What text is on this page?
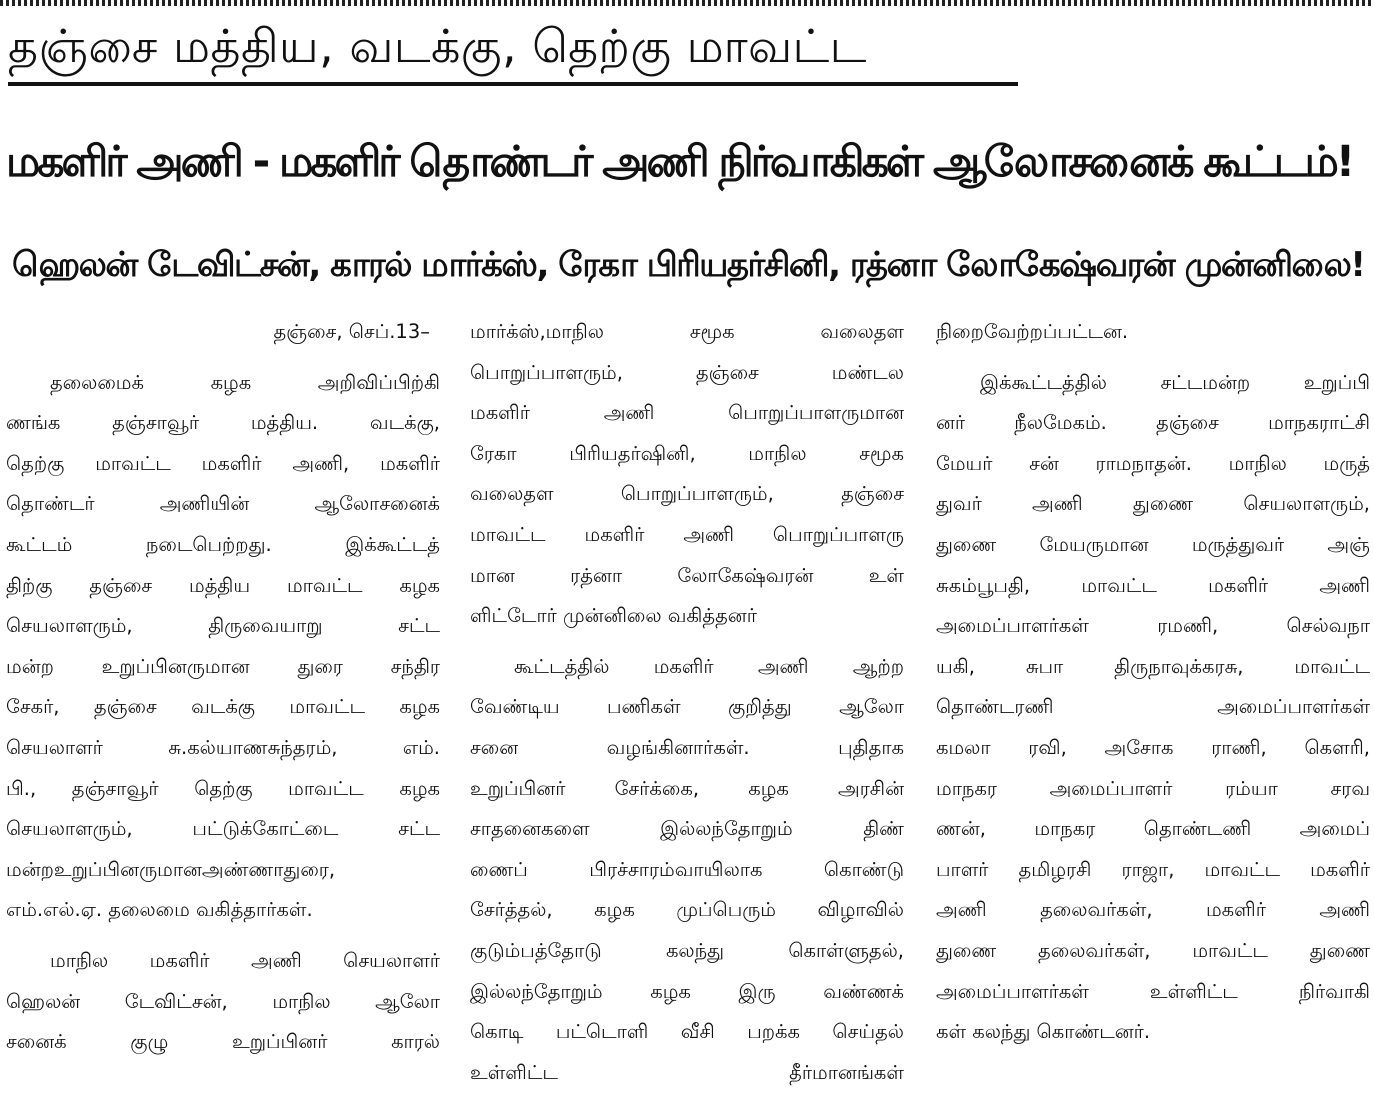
தஞ்சை மத்திய, வடக்கு, தெற்கு மாவட்ட
மகளிர் அணி - மகளிர் தொண்டர் அணி நிர்வாகிகள் ஆலோசனைக் கூட்டம்!
ஹெலன் டேவிட்சன், காரல் மார்க்ஸ், ரேகா பிரியதர்சினி, ரத்னா லோகேஷ்வரன் முன்னிலை!
தஞ்சை, செப்.13–
தலைமைக் கழக அறிவிப்பிற்கி
ணங்க தஞ்சாவூர் மத்திய. வடக்கு,
தெற்கு மாவட்ட மகளிர் அணி, மகளிர்
தொண்டர் அணியின் ஆலோசனைக்
கூட்டம் நடைபெற்றது. இக்கூட்டத்
திற்கு தஞ்சை மத்திய மாவட்ட கழக
செயலாளரும், திருவையாறு சட்ட
மன்ற உறுப்பினருமான துரை சந்திர
சேகர், தஞ்சை வடக்கு மாவட்ட கழக
செயலாளர் சு.கல்யாணசுந்தரம், எம்.
பி., தஞ்சாவூர் தெற்கு மாவட்ட கழக
செயலாளரும், பட்டுக்கோட்டை சட்ட
மன்றஉறுப்பினருமானஅண்ணாதுரை,
எம்.எல்.ஏ. தலைமை வகித்தார்கள்.
மாநில மகளிர் அணி செயலாளர்
ஹெலன் டேவிட்சன், மாநில ஆலோ
சனைக் குழு உறுப்பினர் காரல்
மார்க்ஸ்,மாநில சமூக வலைதள
பொறுப்பாளரும், தஞ்சை மண்டல
மகளிர் அணி பொறுப்பாளருமான
ரேகா பிரியதர்ஷினி, மாநில சமூக
வலைதள பொறுப்பாளரும், தஞ்சை
மாவட்ட மகளிர் அணி பொறுப்பாளரு
மான ரத்னா லோகேஷ்வரன் உள்
ளிட்டோர் முன்னிலை வகித்தனர்
கூட்டத்தில் மகளிர் அணி ஆற்ற
வேண்டிய பணிகள் குறித்து ஆலோ
சனை வழங்கினார்கள். புதிதாக
உறுப்பினர் சேர்க்கை, கழக அரசின்
சாதனைகளை இல்லந்தோறும் திண்
ணைப் பிரச்சாரம்வாயிலாக கொண்டு
சேர்த்தல், கழக முப்பெரும் விழாவில்
குடும்பத்தோடு கலந்து கொள்ளுதல்,
இல்லந்தோறும் கழக இரு வண்ணக்
கொடி பட்டொளி வீசி பறக்க செய்தல்
உள்ளிட்ட தீர்மானங்கள்
நிறைவேற்றப்பட்டன.
இக்கூட்டத்தில் சட்டமன்ற உறுப்பி
னர் நீலமேகம். தஞ்சை மாநகராட்சி
மேயர் சன் ராமநாதன். மாநில மருத்
துவர் அணி துணை செயலாளரும்,
துணை மேயருமான மருத்துவர் அஞ்
சுகம்பூபதி, மாவட்ட மகளிர் அணி
அமைப்பாளர்கள் ரமணி, செல்வநா
யகி, சுபா திருநாவுக்கரசு, மாவட்ட
தொண்டரணி அமைப்பாளர்கள்
கமலா ரவி, அசோக ராணி, கௌரி,
மாநகர அமைப்பாளர் ரம்யா சரவ
ணன், மாநகர தொண்டணி அமைப்
பாளர் தமிழரசி ராஜா, மாவட்ட மகளிர்
அணி தலைவர்கள், மகளிர் அணி
துணை தலைவர்கள், மாவட்ட துணை
அமைப்பாளர்கள் உள்ளிட்ட நிர்வாகி
கள் கலந்து கொண்டனர்.
